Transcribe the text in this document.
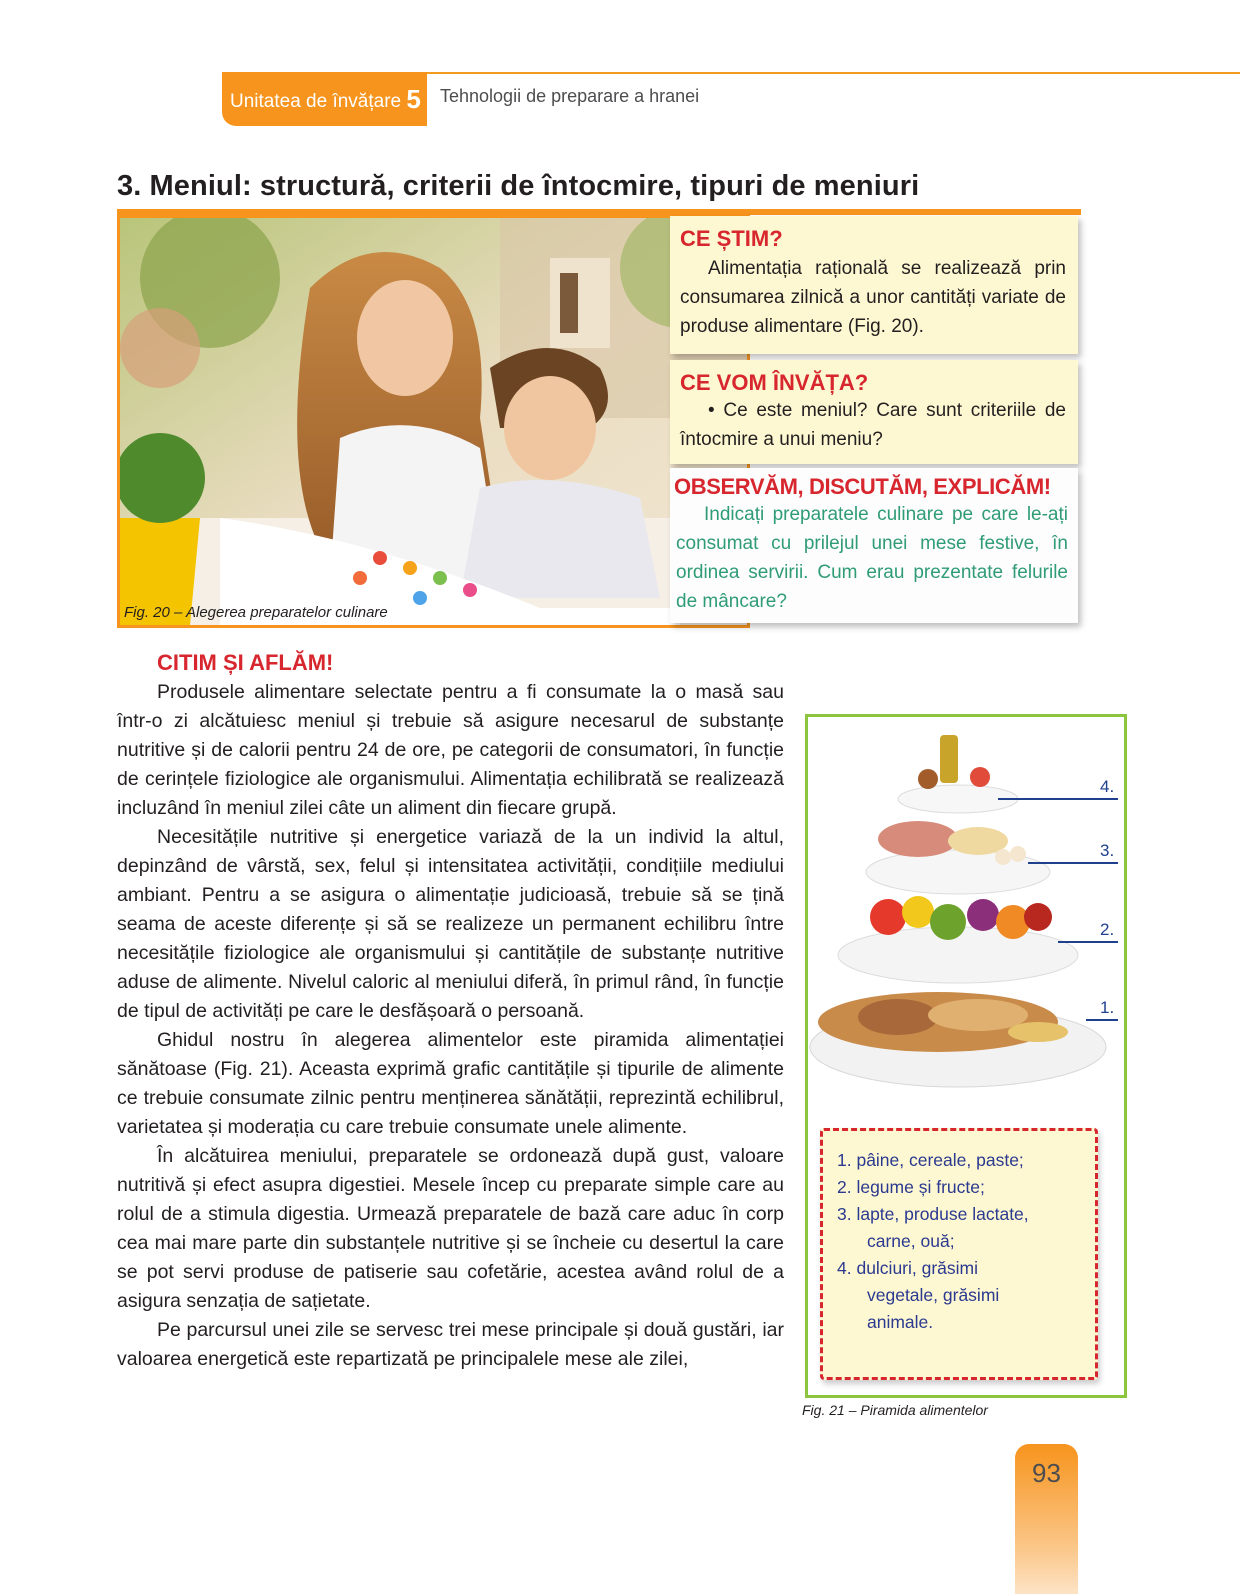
Unitatea de învățare 5	Tehnologii de preparare a hranei
3. Meniul: structură, criterii de întocmire, tipuri de meniuri
Fig. 20 – Alegerea preparatelor culinare
CE ȘTIM?

Alimentația rațională se realizează prin consumarea zilnică a unor cantități variate de produse alimentare (Fig. 20).

CE VOM ÎNVĂȚA?

• Ce este meniul? Care sunt criteriile de întocmire a unui meniu?

OBSERVĂM, DISCUTĂM, EXPLICĂM!

Indicați preparatele culinare pe care le-ați consumat cu prilejul unei mese festive, în ordinea servirii. Cum erau prezentate felurile de mâncare?

CITIM ȘI AFLĂM!

Produsele alimentare selectate pentru a fi consumate la o masă sau într-o zi alcătuiesc meniul și trebuie să asigure necesarul de substanțe nutritive și de calorii pentru 24 de ore, pe categorii de consumatori, în funcție de cerințele fiziologice ale organismului. Alimentația echilibrată se realizează incluzând în meniul zilei câte un aliment din fiecare grupă.

Necesitățile nutritive și energetice variază de la un individ la altul, depinzând de vârstă, sex, felul și intensitatea activității, condițiile mediului ambiant. Pentru a se asigura o alimentație judicioasă, trebuie să se țină seama de aceste diferențe și să se realizeze un permanent echilibru între necesitățile fiziologice ale organismului și cantitățile de substanțe nutritive aduse de alimente. Nivelul caloric al meniului diferă, în primul rând, în funcție de tipul de activități pe care le desfășoară o persoană.

Ghidul nostru în alegerea alimentelor este piramida alimentației sănătoase (Fig. 21). Aceasta exprimă grafic cantitățile și tipurile de alimente ce trebuie consumate zilnic pentru menținerea sănătății, reprezintă echilibrul, varietatea și moderația cu care trebuie consumate unele alimente.

În alcătuirea meniului, preparatele se ordonează după gust, valoare nutritivă și efect asupra digestiei. Mesele încep cu preparate simple care au rolul de a stimula digestia. Urmează preparatele de bază care aduc în corp cea mai mare parte din substanțele nutritive și se încheie cu desertul la care se pot servi produse de patiserie sau cofetărie, acestea având rolul de a asigura senzația de sațietate.

Pe parcursul unei zile se servesc trei mese principale și două gustări, iar valoarea energetică este repartizată pe principalele mese ale zilei,

4.
3.
2.
1.
1. pâine, cereale, paste;
2. legume și fructe;
3. lapte, produse lactate,
carne, ouă;
4. dulciuri, grăsimi
vegetale, grăsimi
animale.
Fig. 21 – Piramida alimentelor
93
